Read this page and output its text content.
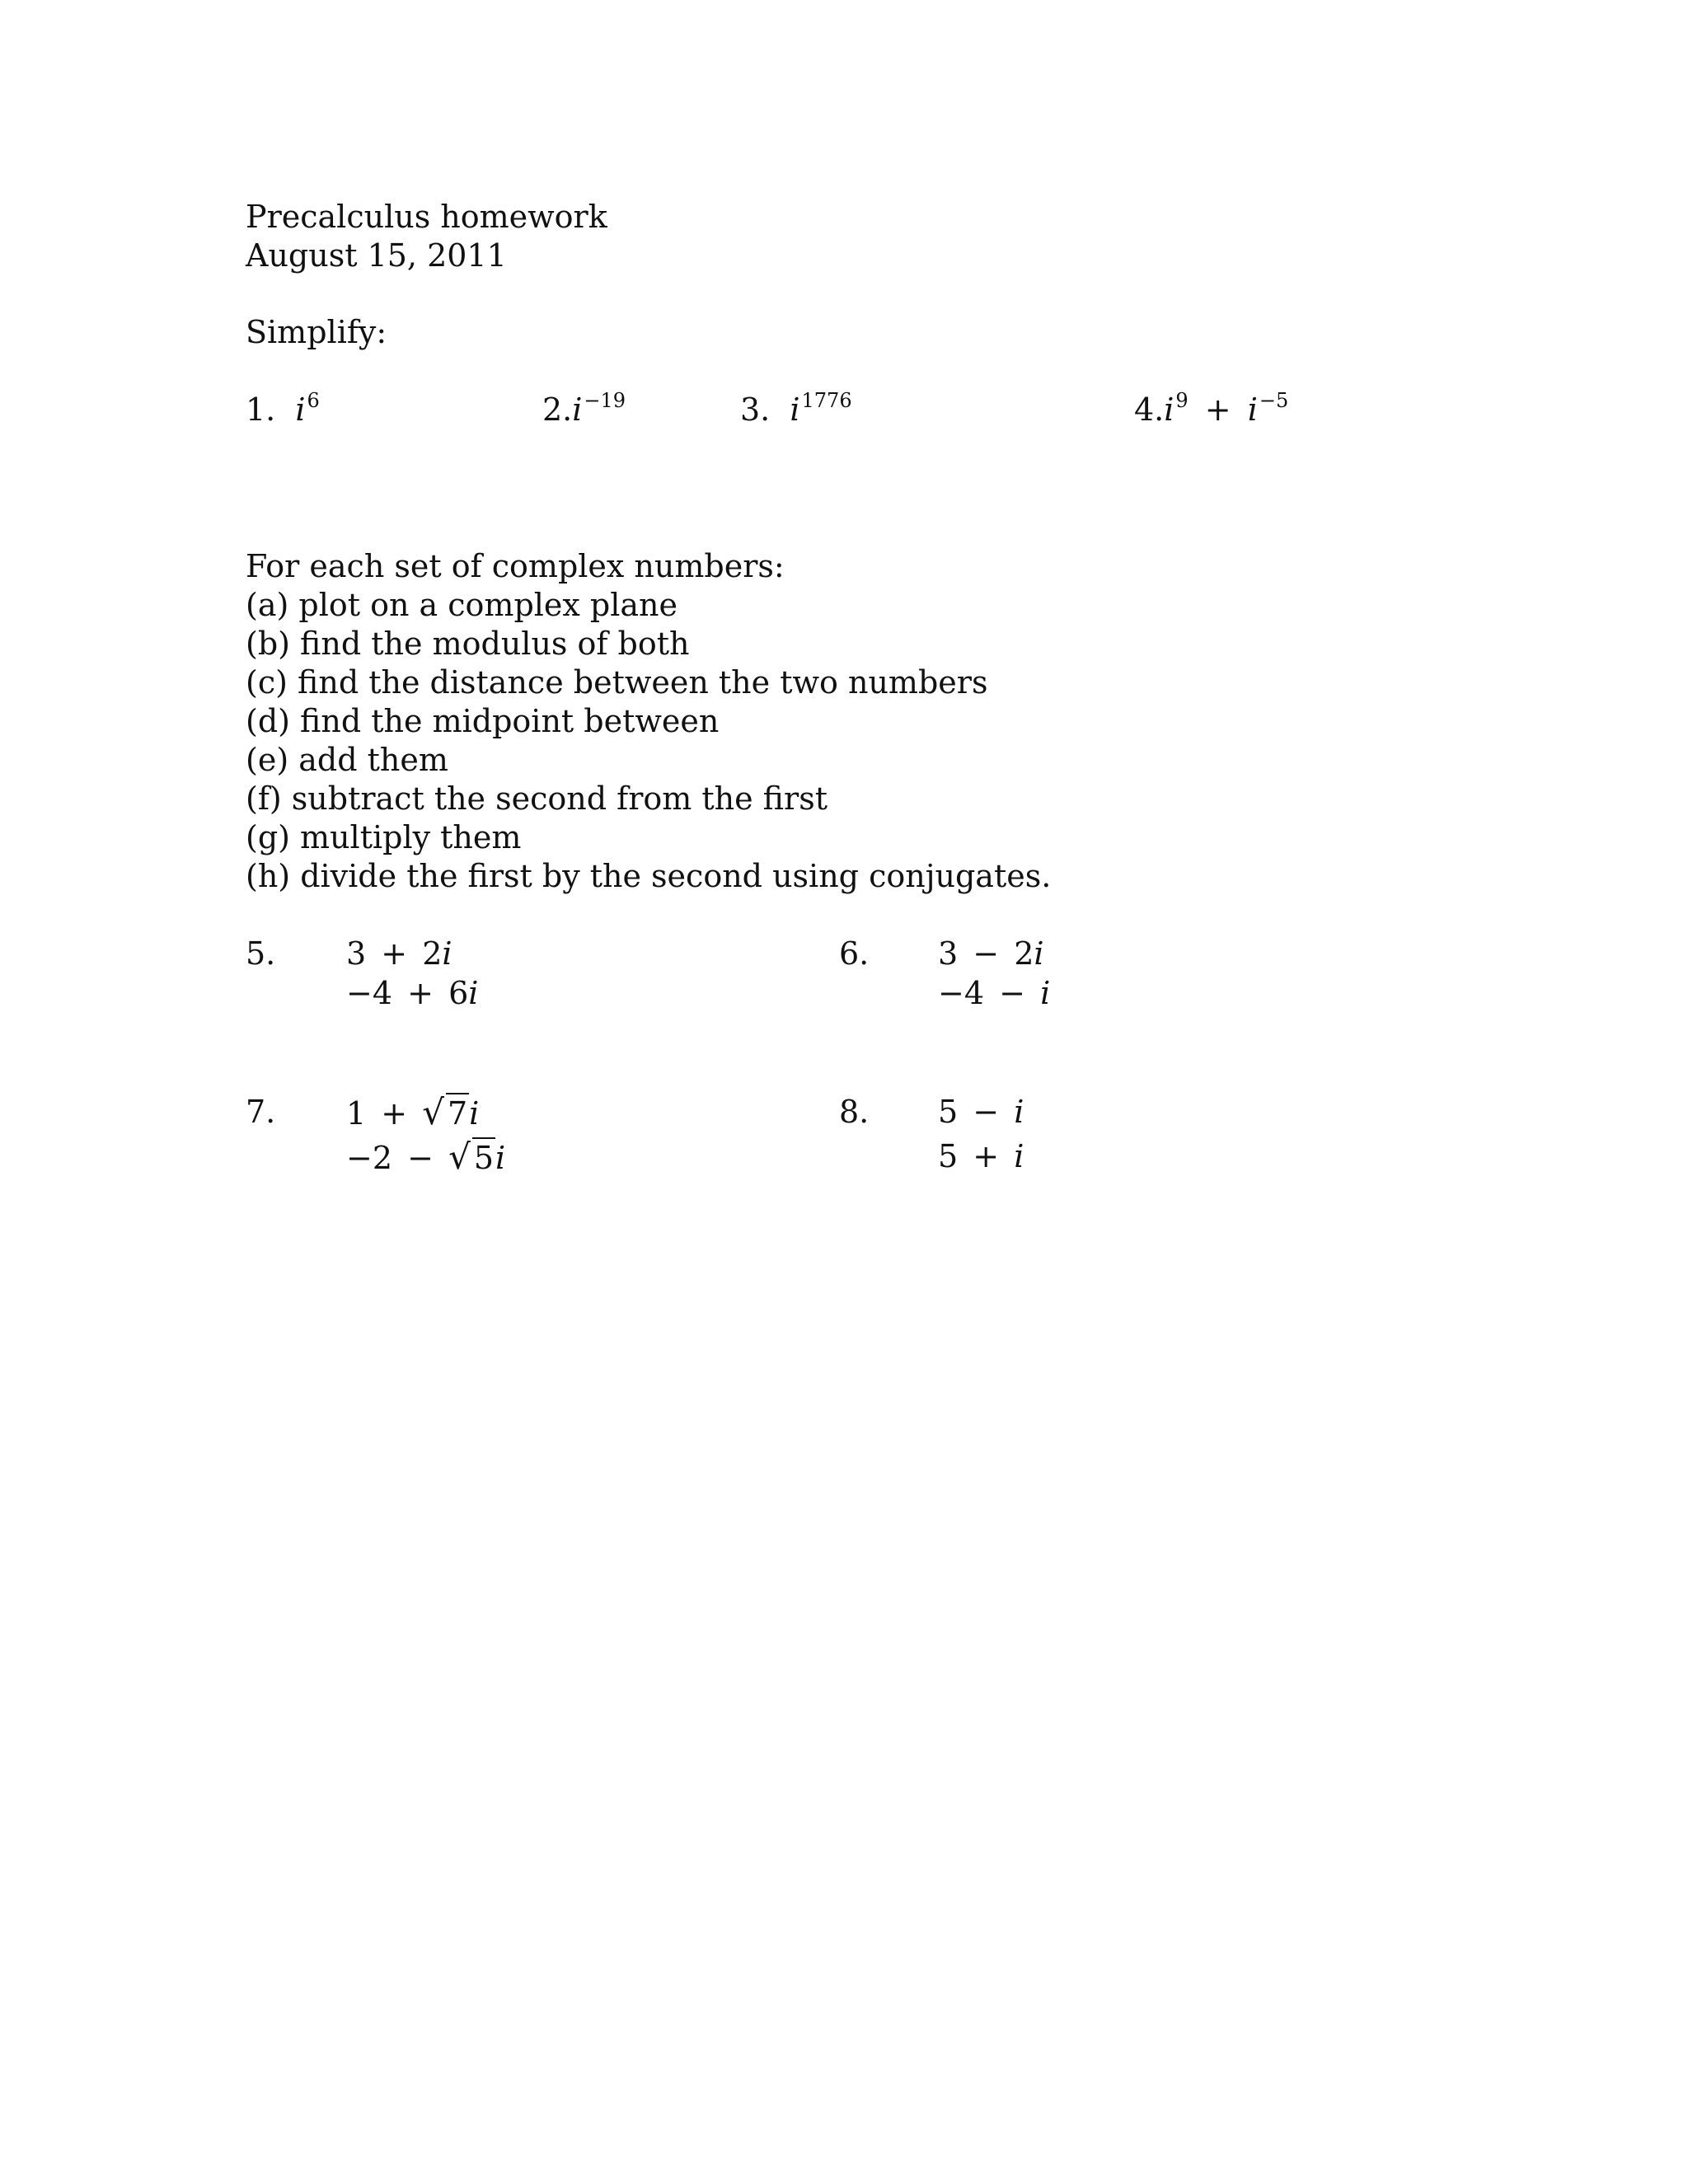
Precalculus homework
August 15, 2011
Simplify:
1. $i^6$	$2.i^{-19}$	3. $i^{1776}$	$4.i^9 + i^{-5}$
For each set of complex numbers:
(a) plot on a complex plane
(b) find the modulus of both
(c) find the distance between the two numbers
(d) find the midpoint between
(e) add them
(f) subtract the second from the first
(g) multiply them
(h) divide the first by the second using conjugates.
5. 3 + 2i
−4 + 6i
6. 3 − 2i
−4 − i
7. 1 + √ 7i
−2 − √ 5i
8. 5 − i
5 + i
